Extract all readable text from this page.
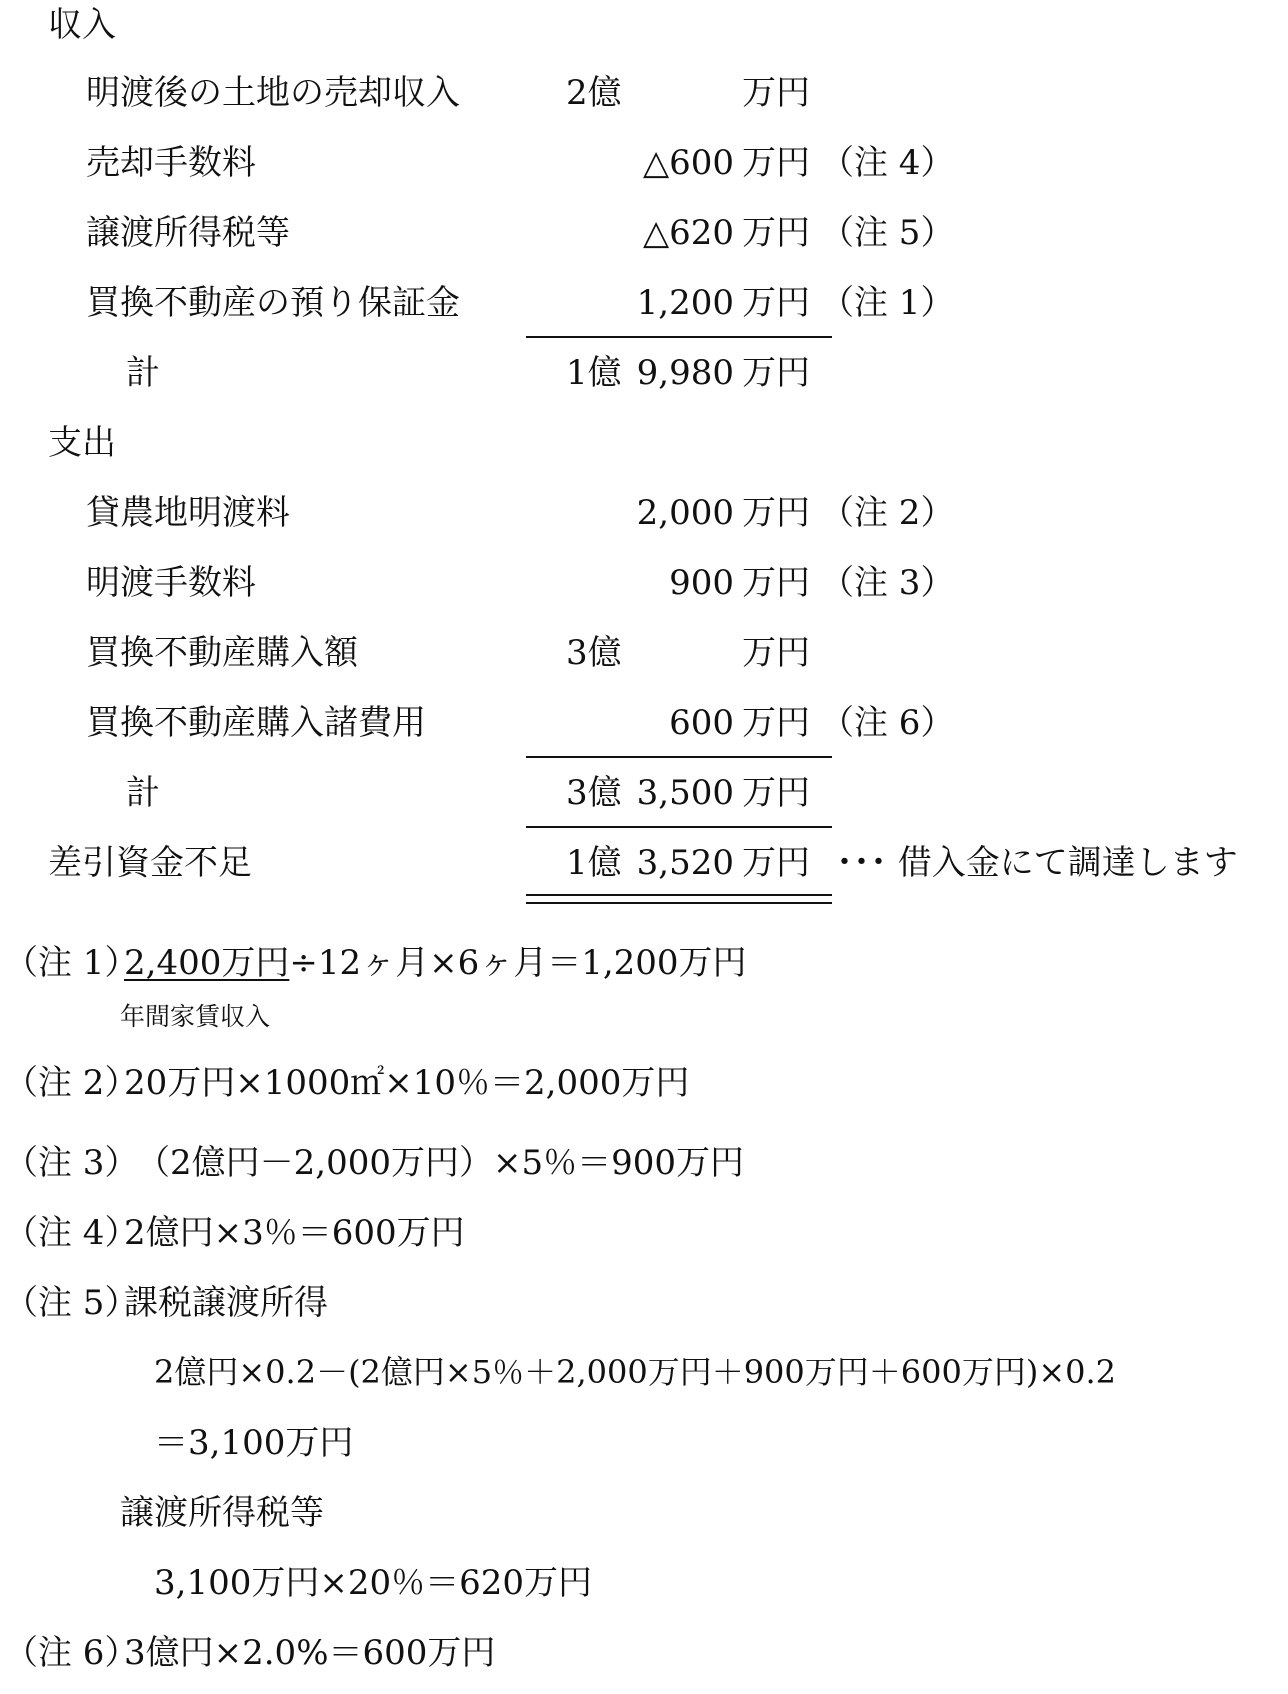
収入
明渡後の土地の売却収入	2億	万円
売却手数料	△600 万円 （注 4）
譲渡所得税等	△620 万円 （注 5）
買換不動産の預り保証金	1,200 万円 （注 1）
計	1億 9,980 万円
支出
貸農地明渡料	2,000 万円 （注 2）
明渡手数料	900 万円 （注 3）
買換不動産購入額	3億	万円
買換不動産購入諸費用	600 万円 （注 6）
計	3億 3,500 万円
差引資金不足	1億 3,520 万円 ･･･ 借入金にて調達します
（注 1）
2,400万円÷12ヶ月×6ヶ月＝1,200万円
年間家賃収入
（注 2）
20万円×1000㎡×10％＝2,000万円
（注 3）
（2億円－2,000万円）×5％＝900万円
（注 4）
2億円×3％＝600万円
（注 5）
課税譲渡所得
2億円×0.2－(2億円×5％＋2,000万円＋900万円＋600万円)×0.2
＝3,100万円
譲渡所得税等
3,100万円×20％＝620万円
（注 6）
3億円×2.0%＝600万円
